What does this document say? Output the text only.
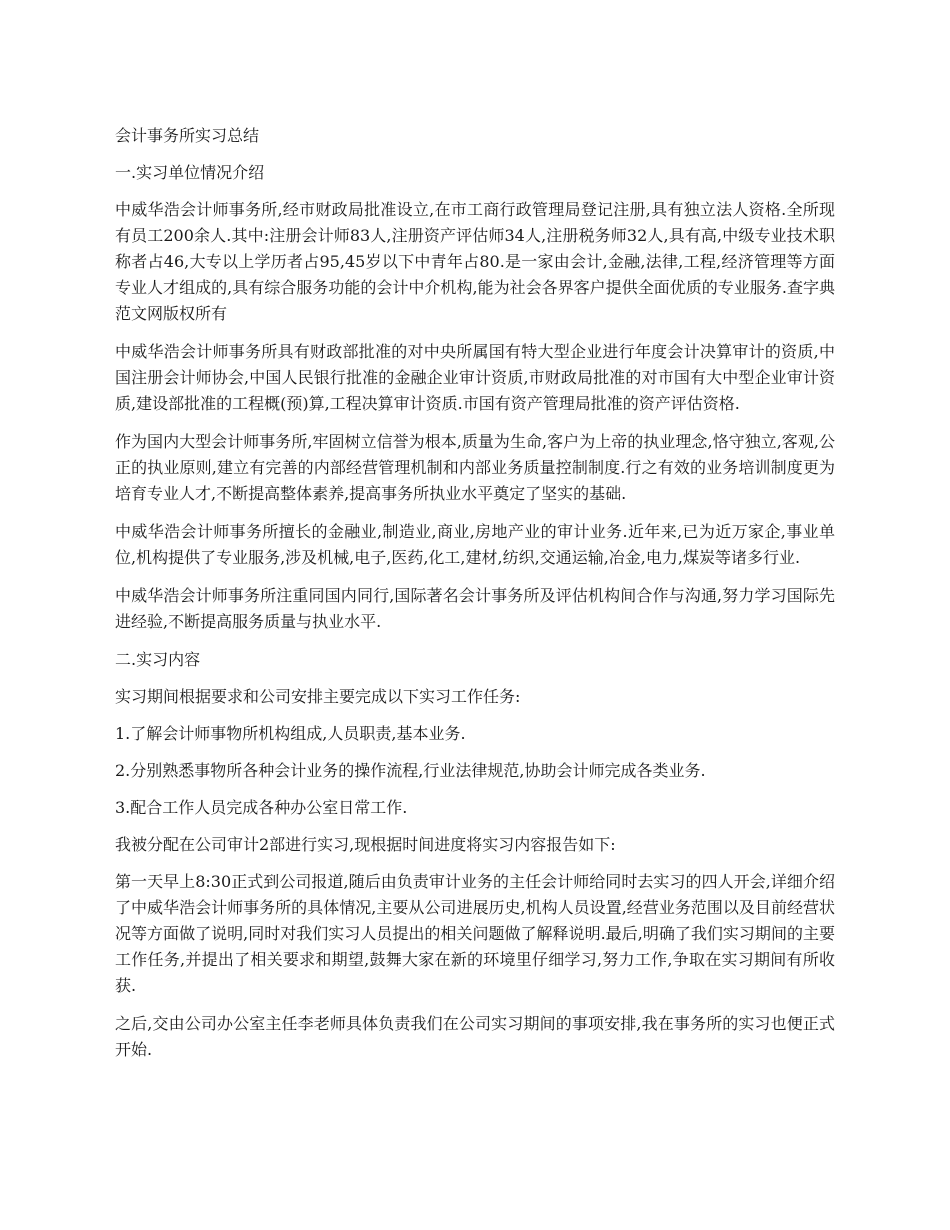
会计事务所实习总结

一.实习单位情况介绍

中威华浩会计师事务所,经市财政局批准设立,在市工商行政管理局登记注册,具有独立法人资格.全所现有员工200余人.其中:注册会计师83人,注册资产评估师34人,注册税务师32人,具有高,中级专业技术职称者占46,大专以上学历者占95,45岁以下中青年占80.是一家由会计,金融,法律,工程,经济管理等方面专业人才组成的,具有综合服务功能的会计中介机构,能为社会各界客户提供全面优质的专业服务.查字典范文网版权所有

中威华浩会计师事务所具有财政部批准的对中央所属国有特大型企业进行年度会计决算审计的资质,中国注册会计师协会,中国人民银行批准的金融企业审计资质,市财政局批准的对市国有大中型企业审计资质,建设部批准的工程概(预)算,工程决算审计资质.市国有资产管理局批准的资产评估资格.

作为国内大型会计师事务所,牢固树立信誉为根本,质量为生命,客户为上帝的执业理念,恪守独立,客观,公正的执业原则,建立有完善的内部经营管理机制和内部业务质量控制制度.行之有效的业务培训制度更为培育专业人才,不断提高整体素养,提高事务所执业水平奠定了坚实的基础.

中威华浩会计师事务所擅长的金融业,制造业,商业,房地产业的审计业务.近年来,已为近万家企,事业单位,机构提供了专业服务,涉及机械,电子,医药,化工,建材,纺织,交通运输,冶金,电力,煤炭等诸多行业.

中威华浩会计师事务所注重同国内同行,国际著名会计事务所及评估机构间合作与沟通,努力学习国际先进经验,不断提高服务质量与执业水平.

二.实习内容

实习期间根据要求和公司安排主要完成以下实习工作任务:

1.了解会计师事物所机构组成,人员职责,基本业务.

2.分别熟悉事物所各种会计业务的操作流程,行业法律规范,协助会计师完成各类业务.

3.配合工作人员完成各种办公室日常工作.

我被分配在公司审计2部进行实习,现根据时间进度将实习内容报告如下:

第一天早上8:30正式到公司报道,随后由负责审计业务的主任会计师给同时去实习的四人开会,详细介绍了中威华浩会计师事务所的具体情况,主要从公司进展历史,机构人员设置,经营业务范围以及目前经营状况等方面做了说明,同时对我们实习人员提出的相关问题做了解释说明.最后,明确了我们实习期间的主要工作任务,并提出了相关要求和期望,鼓舞大家在新的环境里仔细学习,努力工作,争取在实习期间有所收获.

之后,交由公司办公室主任李老师具体负责我们在公司实习期间的事项安排,我在事务所的实习也便正式开始.
